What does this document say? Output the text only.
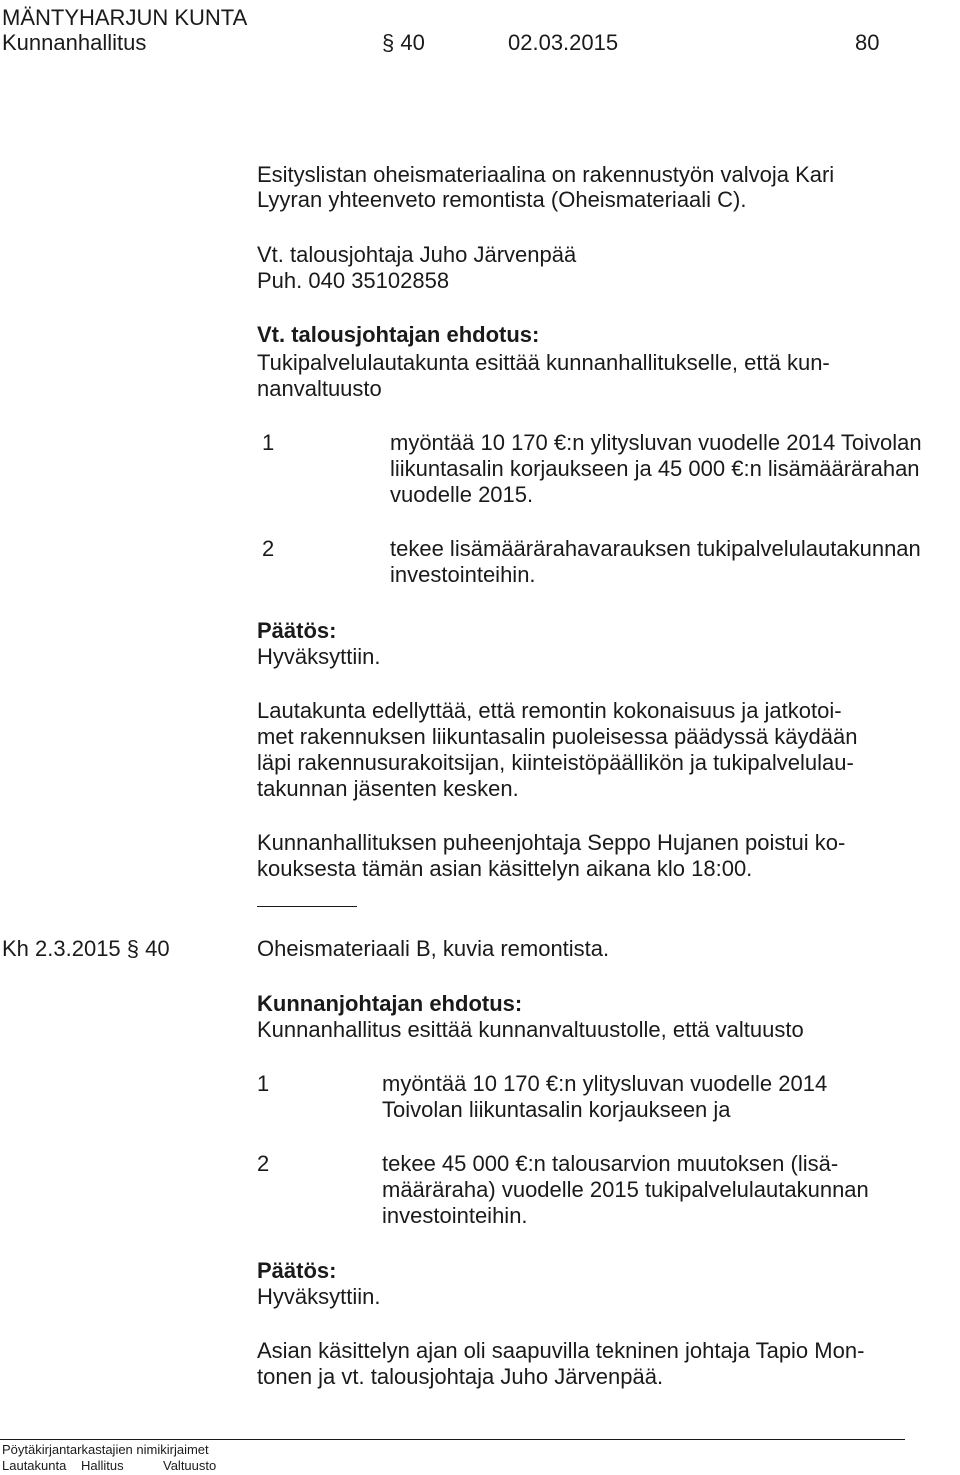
MÄNTYHARJUN KUNTA
Kunnanhallitus	§ 40	02.03.2015	80
Esityslistan oheismateriaalina on rakennustyön valvoja Kari
Lyyran yhteenveto remontista (Oheismateriaali C).
Vt. talousjohtaja Juho Järvenpää
Puh. 040 35102858
Vt. talousjohtajan ehdotus:
Tukipalvelulautakunta esittää kunnanhallitukselle, että kun-
nanvaltuusto
1	myöntää 10 170 €:n ylitysluvan vuodelle 2014 Toivolan
liikuntasalin korjaukseen ja 45 000 €:n lisämäärärahan
vuodelle 2015.
2	tekee lisämäärärahavarauksen tukipalvelulautakunnan
investointeihin.
Päätös:
Hyväksyttiin.
Lautakunta edellyttää, että remontin kokonaisuus ja jatkotoi-
met rakennuksen liikuntasalin puoleisessa päädyssä käydään
läpi rakennusurakoitsijan, kiinteistöpäällikön ja tukipalvelulau-
takunnan jäsenten kesken.
Kunnanhallituksen puheenjohtaja Seppo Hujanen poistui ko-
kouksesta tämän asian käsittelyn aikana klo 18:00.
Kh 2.3.2015 § 40	Oheismateriaali B, kuvia remontista.
Kunnanjohtajan ehdotus:
Kunnanhallitus esittää kunnanvaltuustolle, että valtuusto
1	myöntää 10 170 €:n ylitysluvan vuodelle 2014
Toivolan liikuntasalin korjaukseen ja
2	tekee 45 000 €:n talousarvion muutoksen (lisä-
määräraha) vuodelle 2015 tukipalvelulautakunnan
investointeihin.
Päätös:
Hyväksyttiin.
Asian käsittelyn ajan oli saapuvilla tekninen johtaja Tapio Mon-
tonen ja vt. talousjohtaja Juho Järvenpää.
Pöytäkirjantarkastajien nimikirjaimet
Lautakunta Hallitus	Valtuusto
